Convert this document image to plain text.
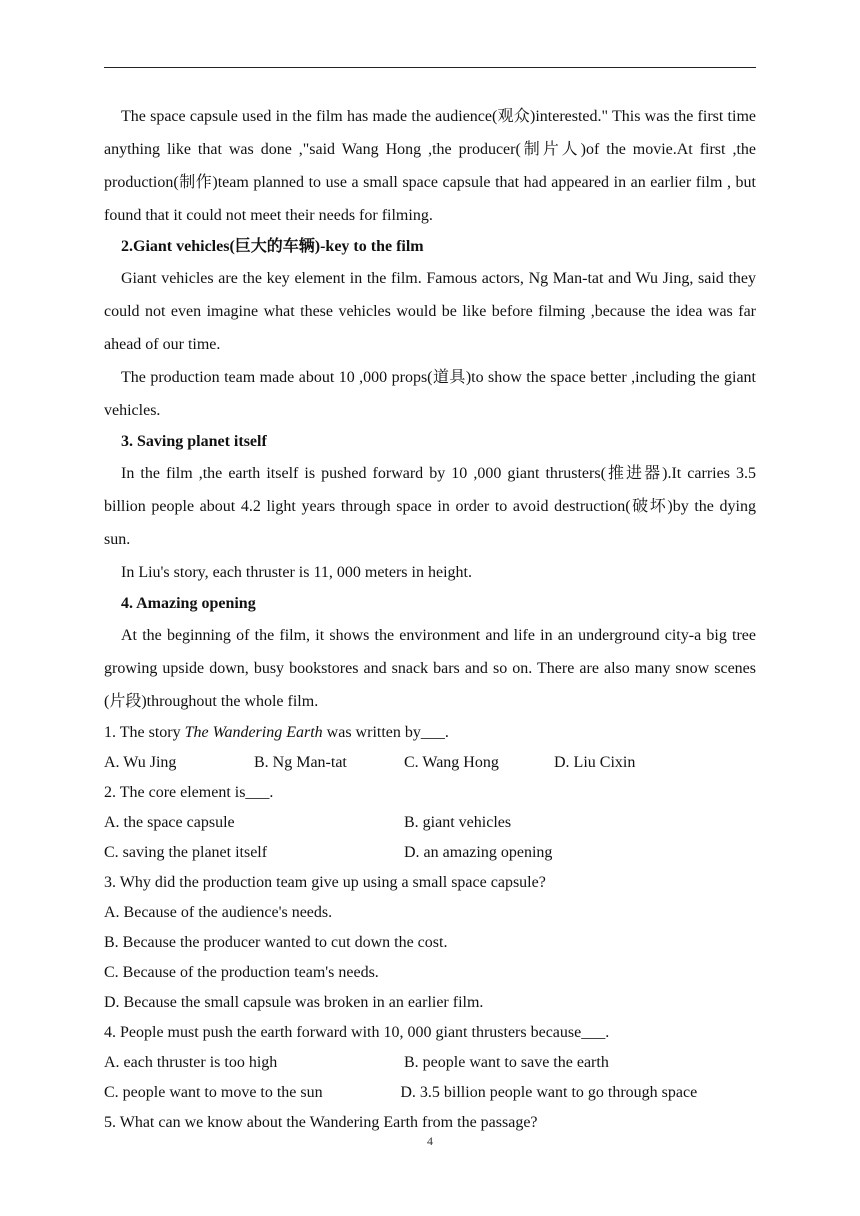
The space capsule used in the film has made the audience(观众)interested." This was the first time anything like that was done ,"said Wang Hong ,the producer(制片人)of the movie.At first ,the production(制作)team planned to use a small space capsule that had appeared in an earlier film , but found that it could not meet their needs for filming.

2.Giant vehicles(巨大的车辆)-key to the film

Giant vehicles are the key element in the film. Famous actors, Ng Man-tat and Wu Jing, said they could not even imagine what these vehicles would be like before filming ,because the idea was far ahead of our time.

The production team made about 10 ,000 props(道具)to show the space better ,including the giant vehicles.

3. Saving planet itself

In the film ,the earth itself is pushed forward by 10 ,000 giant thrusters(推进器).It carries 3.5 billion people about 4.2 light years through space in order to avoid destruction(破坏)by the dying sun.

In Liu's story, each thruster is 11, 000 meters in height.

4. Amazing opening

At the beginning of the film, it shows the environment and life in an underground city-a big tree growing upside down, busy bookstores and snack bars and so on. There are also many snow scenes (片段)throughout the whole film.

1. The story The Wandering Earth was written by___.

A. Wu Jing	B. Ng Man-tat	C. Wang Hong	D. Liu Cixin

2. The core element is___.

A. the space capsule	B. giant vehicles
C. saving the planet itself	D. an amazing opening

3. Why did the production team give up using a small space capsule?

A. Because of the audience's needs.

B. Because the producer wanted to cut down the cost.

C. Because of the production team's needs.

D. Because the small capsule was broken in an earlier film.

4. People must push the earth forward with 10, 000 giant thrusters because___.

A. each thruster is too high	B. people want to save the earth
C. people want to move to the sun	D. 3.5 billion people want to go through space

5. What can we know about the Wandering Earth from the passage?

4
